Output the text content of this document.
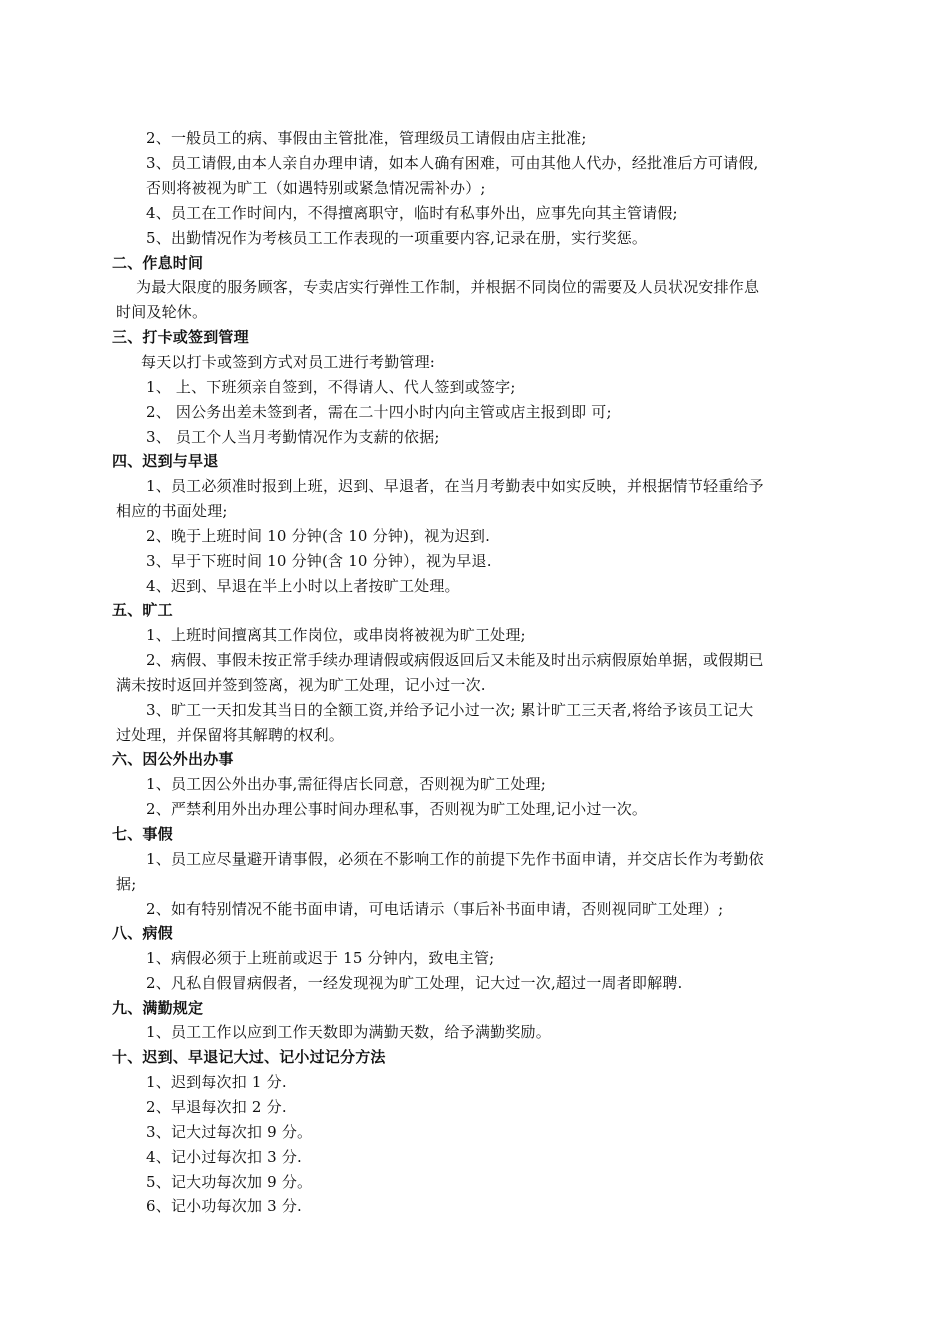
2、一般员工的病、事假由主管批准，管理级员工请假由店主批准;
3、员工请假,由本人亲自办理申请，如本人确有困难，可由其他人代办，经批准后方可请假,
否则将被视为旷工（如遇特别或紧急情况需补办）;
4、员工在工作时间内，不得擅离职守，临时有私事外出，应事先向其主管请假;
5、出勤情况作为考核员工工作表现的一项重要内容,记录在册，实行奖惩。
二、作息时间
为最大限度的服务顾客，专卖店实行弹性工作制，并根据不同岗位的需要及人员状况安排作息
时间及轮休。
三、打卡或签到管理
每天以打卡或签到方式对员工进行考勤管理:
1、 上、下班须亲自签到，不得请人、代人签到或签字;
2、 因公务出差未签到者，需在二十四小时内向主管或店主报到即 可;
3、 员工个人当月考勤情况作为支薪的依据;
四、迟到与早退
1、员工必须准时报到上班，迟到、早退者，在当月考勤表中如实反映，并根据情节轻重给予
相应的书面处理;
2、晚于上班时间 10 分钟(含 10 分钟)，视为迟到.
3、早于下班时间 10 分钟(含 10 分钟），视为早退.
4、迟到、早退在半上小时以上者按旷工处理。
五、旷工
1、上班时间擅离其工作岗位，或串岗将被视为旷工处理;
2、病假、事假未按正常手续办理请假或病假返回后又未能及时出示病假原始单据，或假期已
满未按时返回并签到签离，视为旷工处理，记小过一次.
3、旷工一天扣发其当日的全额工资,并给予记小过一次; 累计旷工三天者,将给予该员工记大
过处理，并保留将其解聘的权利。
六、因公外出办事
1、员工因公外出办事,需征得店长同意，否则视为旷工处理;
2、严禁利用外出办理公事时间办理私事，否则视为旷工处理,记小过一次。
七、事假
1、员工应尽量避开请事假，必须在不影响工作的前提下先作书面申请，并交店长作为考勤依
据;
2、如有特别情况不能书面申请，可电话请示（事后补书面申请，否则视同旷工处理）;
八、病假
1、病假必须于上班前或迟于 15 分钟内，致电主管;
2、凡私自假冒病假者，一经发现视为旷工处理，记大过一次,超过一周者即解聘.
九、满勤规定
1、员工工作以应到工作天数即为满勤天数，给予满勤奖励。
十、迟到、早退记大过、记小过记分方法
1、迟到每次扣 1 分.
2、早退每次扣 2 分.
3、记大过每次扣 9 分。
4、记小过每次扣 3 分.
5、记大功每次加 9 分。
6、记小功每次加 3 分.
